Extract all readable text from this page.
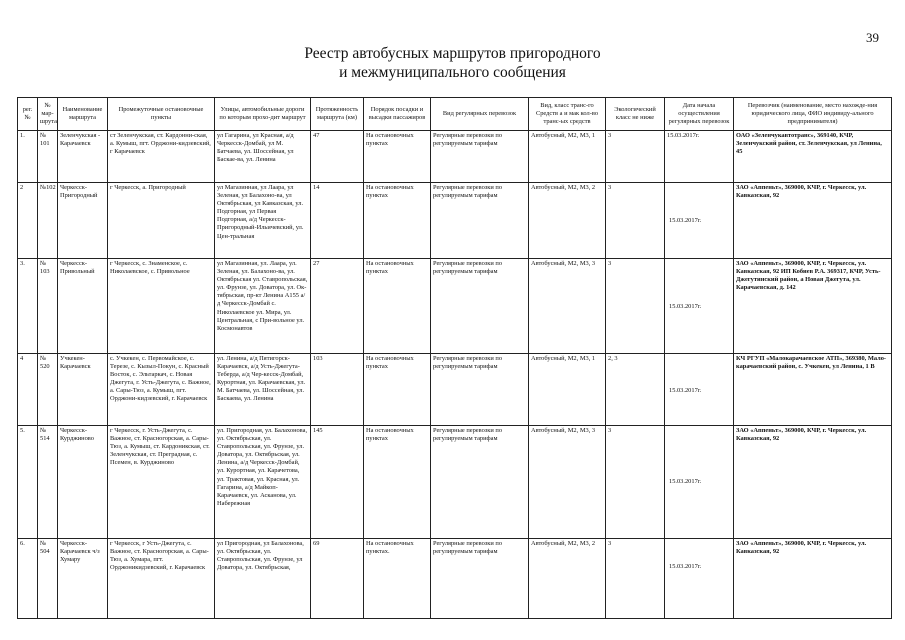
39
Реестр автобусных маршрутов пригородного
и межмуниципального сообщения
рег. №	№ мар-шрута	Наименование маршрута	Промежуточные остановочные пункты	Улицы, автомобильные дороги по которым прохо-дит маршрут	Протяженность маршрута (км)	Порядок посадки и высадки пассажиров	Вид регулярных перевозок	Вид, класс транс-го Средств а и мак кол-во транс-ых средств	Экологический класс не ниже	Дата начала осуществления регулярных перевозок	Перевозчик (наименование, место нахожде-ния юридического лица, ФИО индивиду-ального предпринимателя)
1.	№ 101	Зеленчукская - Карачаевск	ст Зеленчукская, ст. Кардонни-ская, а. Кумыш, пгт. Орджони-кидзевский, г Карачаевск	ул Гагарина, ул Красная, а/д Черкесск-Домбай, ул М. Батчаева, ул. Шоссейная, ул Баскае-ва, ул. Ленина	47	На остановочных пунктах	Регулярные перевозки по регулируемым тарифам	Автобусный, М2, М3, 1	3	15.03.2017г.	ОАО «Зеленчукавтотранс», 369140, КЧР, Зеленчукский район, ст. Зеленчукская, ул Ленина, 45
2	№102	Черкесск-Пригородный	г Черкесск, а. Пригородный	ул Магазинная, ул Лаара, ул Зеленая, ул Балахоно-ва, ул Октябрьская, ул Кавказская, ул. Подгорная, ул Первая Подгорная, а/д Черкесск-Пригородный-Ильичевский, ул. Цен-тральная	14	На остановочных пунктах	Регулярные перевозки по регулируемым тарифам	Автобусный, М2, М3, 2	3	15.03.2017г.	ЗАО «Аппеньт», 369000, КЧР, г. Черкесск, ул. Кавказская, 92
3.	№ 103	Черкесск-Привольный	г Черкесск, с. Знаменское, с. Николаевское, с. Привольное	ул Магазинная, ул. Лаара, ул. Зеленая, ул. Балахоно-ва, ул. Октябрьская ул. Ставропольская, ул. Фрунзе, ул. Доватора, ул. Ок-тябрьская, пр-кт Ленина А155 а/д Черкесск-Домбай с. Николаевское ул. Мира, ул. Центральная, с При-вольное ул. Космонавтов	27	На остановочных пунктах	Регулярные перевозки по регулируемым тарифам	Автобусный, М2, М3, 3	3	15.03.2017г.	ЗАО «Аппеньт», 369000, КЧР, г. Черкесск, ул. Кавказская, 92 ИП Кобиев Р.А. 369317, КЧР, Усть-Джегутинский район, а Новая Джегута, ул. Карачаевская, д. 142
4	№ 520	Учкекен-Карачаевск	с. Учкекен, с. Первомайское, с. Терезе, с. Кызыл-Покун, с. Красный Восток, с. Эльтаркач, с. Новая Джегута, г. Усть-Джегута, с. Важное, а. Сары-Тюз, а. Кумыш, пгт. Орджони-кидзевский, г. Карачаевск	ул. Ленина, а/д Пятигорск-Карачаевск, а/д Усть-Джегута-Теберда, а/д Чер-кесск-Домбай, Курортная, ул. Карачаевская, ул. М. Батчаева, ул. Шоссейная, ул. Баскаева, ул. Ленина	103	На остановочных пунктах	Регулярные перевозки по регулируемым тарифам	Автобусный, М2, М3, 1	2, 3	15.03.2017г.	КЧ РГУП «Малокарачаевское АТП», 369380, Мало-карачаевский район, с. Учкекен, ул Ленина, 1 В
5.	№ 514	Черкесск-Курджиново	г Черкесск, г. Усть-Джегута, с. Важное, ст. Красногорская, а. Сары-Тюз, а. Кумыш, ст. Кардоникская, ст. Зеленчукская, ст. Преградная, с. Псемен, в. Курджиново	ул. Пригородная, ул. Балахонова, ул. Октябрьская, ул. Ставропольская, ул. Фрунзе, ул. Доватора, ул. Октябрьская, ул. Ленина, а/д Черкесск-Домбай, ул. Курортная, ул. Карачетова, ул. Трактовая, ул. Красная, ул. Гагарина, а/д Майкоп-Карачаевск, ул. Асканова, ул. Набережная	145	На остановочных пунктах	Регулярные перевозки по регулируемым тарифам	Автобусный, М2, М3, 3	3	15.03.2017г.	ЗАО «Аппеньт», 369000, КЧР, г. Черкесск, ул. Кавказская, 92
6.	№ 504	Черкесск-Карачаевск ч/з Хумару	г Черкесск, г Усть-Джегута, с. Важное, ст. Красногорская, а. Сары-Тюз, а. Хумара, пгт. Орджоникидзевский, г. Карачаевск	ул Пригородная, ул Балахонова, ул. Октябрьская, ул. Ставропольская, ул. Фрунзе, ул Доватора, ул. Октябрьская,	69	На остановочных пунктах.	Регулярные перевозки по регулируемым тарифам	Автобусный, М2, М3, 2	3	15.03.2017г.	ЗАО «Аппеньт», 369000, КЧР, г. Черкесск, ул. Кавказская, 92
